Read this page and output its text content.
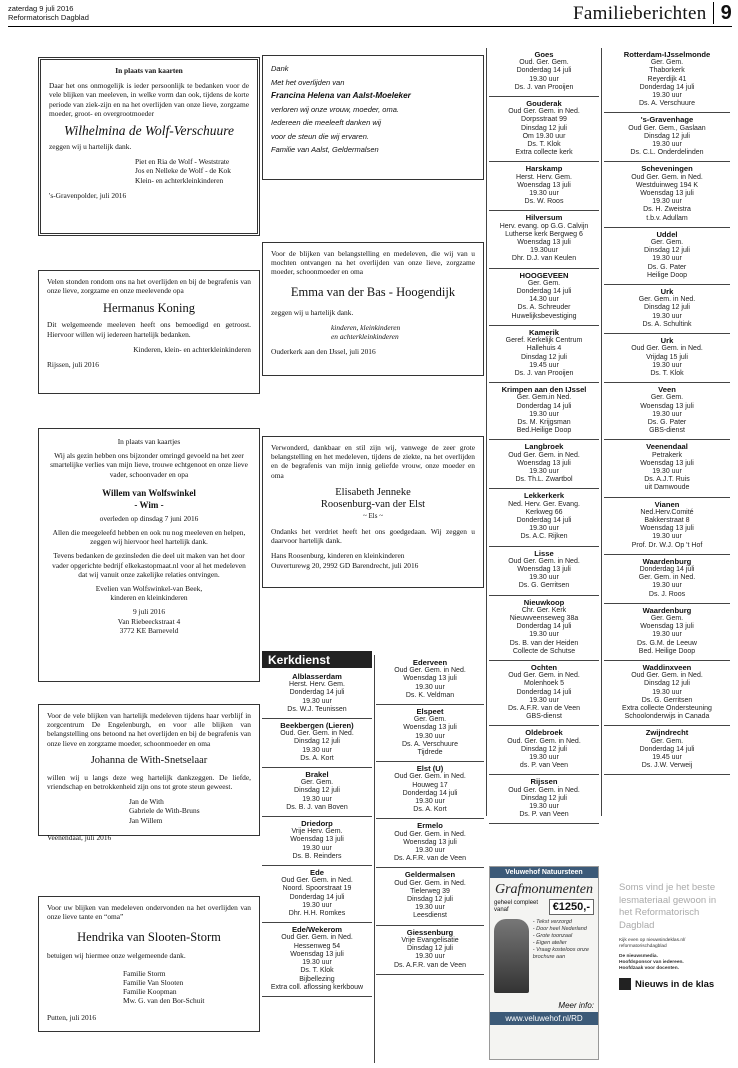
zaterdag 9 juli 2016
Reformatorisch Dagblad	Familieberichten 9
In plaats van kaarten
Daar het ons onmogelijk is ieder persoonlijk te bedanken voor de vele blijken van meeleven, in welke vorm dan ook, tijdens de korte periode van ziek-zijn en na het overlijden van onze lieve, zorgzame moeder, groot- en overgrootmoeder
Wilhelmina de Wolf-Verschuure
zeggen wij u hartelijk dank.
Piet en Ria de Wolf - Weststrate
Jos en Nelleke de Wolf - de Kok
Klein- en achterkleinkinderen
's-Gravenpolder, juli 2016
Dank
Met het overlijden van
Francina Helena van Aalst-Moeleker
verloren wij onze vrouw, moeder, oma.
Iedereen die meeleeft danken wij
voor de steun die wij ervaren.
Familie van Aalst, Geldermalsen
Velen stonden rondom ons na het overlijden en bij de begrafenis van onze lieve, zorgzame en onze meelevende opa
Hermanus Koning
Dit welgemeende meeleven heeft ons bemoedigd en getroost. Hiervoor willen wij iedereen hartelijk bedanken.
Kinderen, klein- en achterkleinkinderen
Rijssen, juli 2016
Voor de blijken van belangstelling en medeleven, die wij van u mochten ontvangen na het overlijden van onze lieve, zorgzame moeder, schoonmoeder en oma
Emma van der Bas - Hoogendijk
zeggen wij u hartelijk dank.
kinderen, kleinkinderen
en achterkleinkinderen
Ouderkerk aan den IJssel, juli 2016
In plaats van kaartjes
Wij als gezin hebben ons bijzonder omringd gevoeld na het zeer smartelijke verlies van mijn lieve, trouwe echtgenoot en onze lieve vader, schoonvader en opa
Willem van Wolfswinkel
- Wim -
overleden op dinsdag 7 juni 2016
Allen die meegeleefd hebben en ook nu nog meeleven en helpen, zeggen wij hiervoor heel hartelijk dank.
Tevens bedanken de gezinsleden die deel uit maken van het door vader opgerichte bedrijf elkekastopmaat.nl voor al het medeleven dat wij vanuit onze zakelijke relaties ontvingen.
Evelien van Wolfswinkel-van Beek,
kinderen en kleinkinderen
9 juli 2016
Van Riebeeckstraat 4
3772 KE Barneveld
Verwonderd, dankbaar en stil zijn wij, vanwege de zeer grote belangstelling en het medeleven, tijdens de ziekte, na het overlijden en de begrafenis van mijn innig geliefde vrouw, onze moeder en oma
Elisabeth Jenneke
Roosenburg-van der Elst
~ Els ~
Ondanks het verdriet heeft het ons goedgedaan. Wij zeggen u daarvoor hartelijk dank.
Hans Roosenburg, kinderen en kleinkinderen
Ouverturewg 20, 2992 GD Barendrecht, juli 2016
Voor de vele blijken van hartelijk medeleven tijdens haar verblijf in zorgcentrum De Engelenburgh, en voor alle blijken van belangstelling ons betoond na het overlijden en bij de begrafenis van onze lieve en zorgzame moeder, schoonmoeder en oma
Johanna de With-Snetselaar
willen wij u langs deze weg hartelijk dankzeggen. De liefde, vriendschap en betrokkenheid zijn ons tot grote steun geweest.
Jan de With
Gabriele de With-Bruns
Jan Willem
Veenendaal, juli 2016
Voor uw blijken van medeleven ondervonden na het overlijden van onze lieve tante en “oma”
Hendrika van Slooten-Storm
betuigen wij hiermee onze welgemeende dank.
Familie Storm
Familie Van Slooten
Familie Koopman
Mw. G. van den Bor-Schuit
Putten, juli 2016
Kerkdienst
Alblasserdam
Herst. Herv. Gem.
Donderdag 14 juli
19.30 uur
Ds. W.J. Teunissen
Beekbergen (Lieren)
Oud. Ger. Gem. in Ned.
Dinsdag 12 juli
19.30 uur
Ds. A. Kort
Brakel
Ger. Gem.
Dinsdag 12 juli
19.30 uur
Ds. B. J. van Boven
Driedorp
Vrije Herv. Gem.
Woensdag 13 juli
19.30 uur
Ds. B. Reinders
Ede
Oud Ger. Gem. in Ned.
Noord. Spoorstraat 19
Donderdag 14 juli
19.30 uur
Dhr. H.H. Romkes
Ede/Wekerom
Oud Ger. Gem. in Ned.
Hessenweg 54
Woensdag 13 juli
19.30 uur
Ds. T. Klok
Bijbellezing
Extra coll. aflossing kerkbouw
Ederveen
Oud Ger. Gem. in Ned.
Woensdag 13 juli
19.30 uur
Ds. K. Veldman
Elspeet
Ger. Gem.
Woensdag 13 juli
19.30 uur
Ds. A. Verschuure
Tijdrede
Elst (U)
Oud Ger. Gem. in Ned.
Houweg 17
Donderdag 14 juli
19.30 uur
Ds. A. Kort
Ermelo
Oud Ger. Gem. in Ned.
Woensdag 13 juli
19.30 uur
Ds. A.F.R. van de Veen
Geldermalsen
Oud Ger. Gem. in Ned.
Tielerweg 39
Dinsdag 12 juli
19.30 uur
Leesdienst
Giessenburg
Vrije Evangelisatie
Dinsdag 12 juli
19.30 uur
Ds. A.F.R. van de Veen
Goes
Oud. Ger. Gem.
Donderdag 14 juli
19.30 uur
Ds. J. van Prooijen
Gouderak
Oud Ger. Gem. in Ned.
Dorpsstraat 99
Dinsdag 12 juli
Om 19.30 uur
Ds. T. Klok
Extra collecte kerk
Harskamp
Herst. Herv. Gem.
Woensdag 13 juli
19.30 uur
Ds. W. Roos
Hilversum
Herv. evang. op G.G. Calvijn
Lutherse kerk Bergweg 6
Woensdag 13 juli
19.30uur
Dhr. D.J. van Keulen
HOOGEVEEN
Ger. Gem.
Donderdag 14 juli
14.30 uur
Ds. A. Schreuder
Huwelijksbevestiging
Kamerik
Geref. Kerkelijk Centrum
Hallehuis 4
Dinsdag 12 juli
19.45 uur
Ds. J. van Prooijen
Krimpen aan den IJssel
Ger. Gem.in Ned.
Donderdag 14 juli
19.30 uur
Ds. M. Krijgsman
Bed.Heilige Doop
Langbroek
Oud Ger. Gem. in Ned.
Woensdag 13 juli
19.30 uur
Ds. Th.L. Zwartbol
Lekkerkerk
Ned. Herv. Ger. Evang.
Kerkweg 66
Donderdag 14 juli
19.30 uur
Ds. A.C. Rijken
Lisse
Oud Ger. Gem. in Ned.
Woensdag 13 juli
19.30 uur
Ds. G. Gerritsen
Nieuwkoop
Chr. Ger. Kerk
Nieuwveenseweg 38a
Donderdag 14 juli
19.30 uur
Ds. B. van der Heiden
Collecte de Schutse
Ochten
Oud Ger. Gem. in Ned.
Molenhoek 5
Donderdag 14 juli
19.30 uur
Ds. A.F.R. van de Veen
GBS-dienst
Oldebroek
Oud. Ger. Gem. in Ned.
Dinsdag 12 juli
19.30 uur
ds. P. van Veen
Rijssen
Oud Ger. Gem. in Ned.
Dinsdag 12 juli
19.30 uur
Ds. P. van Veen
Rotterdam-IJsselmonde
Ger. Gem.
Thaborkerk
Reyerdijk 41
Donderdag 14 juli
19.30 uur
Ds. A. Verschuure
's-Gravenhage
Oud Ger. Gem., Gaslaan
Dinsdag 12 juli
19.30 uur
Ds. C.L. Onderdelinden
Scheveningen
Oud Ger. Gem. in Ned.
Westduinweg 194 K
Woensdag 13 juli
19.30 uur
Ds. H. Zweistra
t.b.v. Adullam
Uddel
Ger. Gem.
Dinsdag 12 juli
19.30 uur
Ds. G. Pater
Heilige Doop
Urk
Ger. Gem. in Ned.
Dinsdag 12 juli
19.30 uur
Ds. A. Schultink
Urk
Oud Ger. Gem. in Ned.
Vrijdag 15 juli
19.30 uur
Ds. T. Klok
Veen
Ger. Gem.
Woensdag 13 juli
19.30 uur
Ds. G. Pater
GBS-dienst
Veenendaal
Petrakerk
Woensdag 13 juli
19.30 uur
Ds. A.J.T. Ruis
uit Damwoude
Vianen
Ned.Herv.Comité
Bakkerstraat 8
Woensdag 13 juli
19.30 uur
Prof. Dr. W.J. Op 't Hof
Waardenburg
Donderdag 14 juli
Ger. Gem. in Ned.
19.30 uur
Ds. J. Roos
Waardenburg
Ger. Gem.
Woensdag 13 juli
19.30 uur
Ds. G.M. de Leeuw
Bed. Heilige Doop
Waddinxveen
Oud Ger. Gem. in Ned.
Dinsdag 12 juli
19.30 uur
Ds. G. Gerritsen
Extra collecte Ondersteuning
Schoolonderwijs in Canada
Zwijndrecht
Ger. Gem.
Donderdag 14 juli
19.45 uur
Ds. J.W. Verweij
Veluwehof Natuursteen
Grafmonumenten
geheel compleet
vanaf	€1250,-
- Tekst verzorgd
- Door heel Nederland
- Grote toonzaal
- Eigen atelier
- Vraag kosteloos onze brochure aan
Meer info:
www.veluwehof.nl/RD
Soms vind je het beste lesmateriaal gewoon in het Reformatorisch Dagblad
Kijk even op nieuwsindeklas.nl/
reformatorischdagblad
De nieuwsmedia.
Hoofdsponsor van iedereen.
Hoofdzaak voor docenten.
Nieuws in de klas
